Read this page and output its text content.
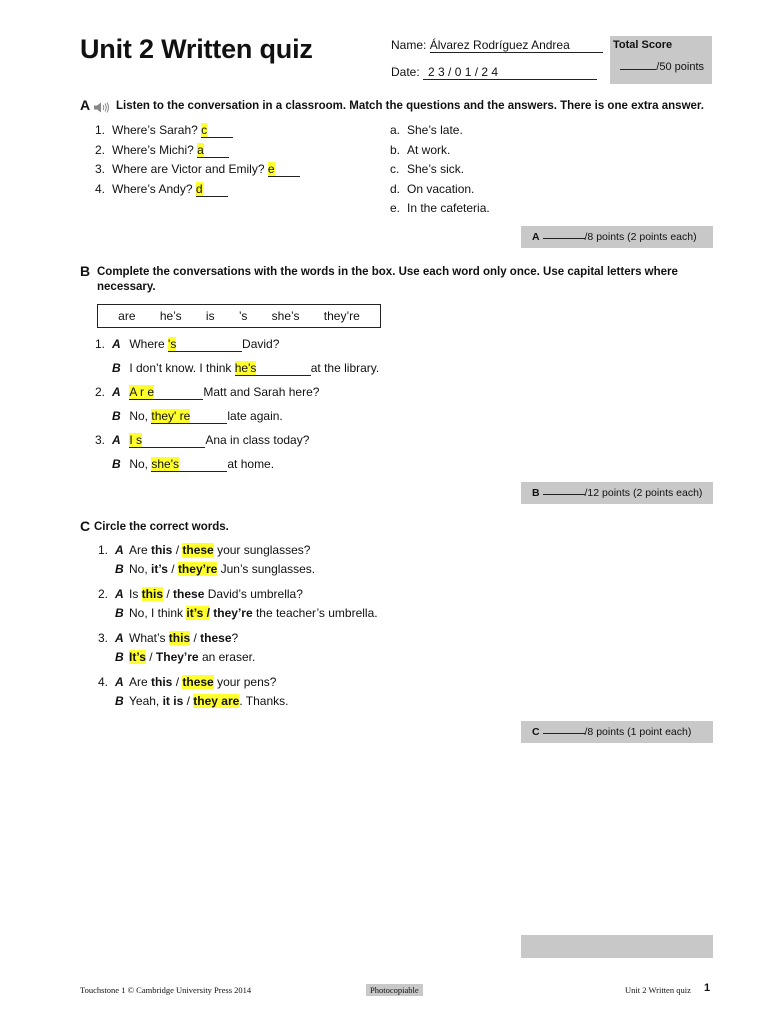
Unit 2 Written quiz	Name: Álvarez Rodríguez Andrea
Date: 2 3 / 0 1 / 2 4
Total Score
/50 points
A Listen to the conversation in a classroom. Match the questions and the answers. There is one extra answer.
1. Where’s Sarah? c
2. Where’s Michi? a
3. Where are Victor and Emily? e
4. Where’s Andy? d
a. She’s late.
b. At work.
c. She’s sick.
d. On vacation.
e. In the cafeteria.
A	/8 points (2 points each)
B Complete the conversations with the words in the box. Use each word only once. Use capital letters where necessary.
are he’s is ’s she’s they’re
1. A Where 's	David?
B I don’t know. I think he's	at the library.
2. A A r e	Matt and Sarah here?
B No, they' re	late again.
3. A I s	Ana in class today?
B No, she's	at home.
B	/12 points (2 points each)
C Circle the correct words.
1. A Are this / these your sunglasses?
B No, it’s / they’re Jun’s sunglasses.
2. A Is this / these David’s umbrella?
B No, I think it’s / they’re the teacher’s umbrella.
3. A What’s this / these?
B It’s / They’re an eraser.
4. A Are this / these your pens?
B Yeah, it is / they are. Thanks.
C	/8 points (1 point each)
Touchstone 1 © Cambridge University Press 2014	Photocopiable	Unit 2 Written quiz 1
